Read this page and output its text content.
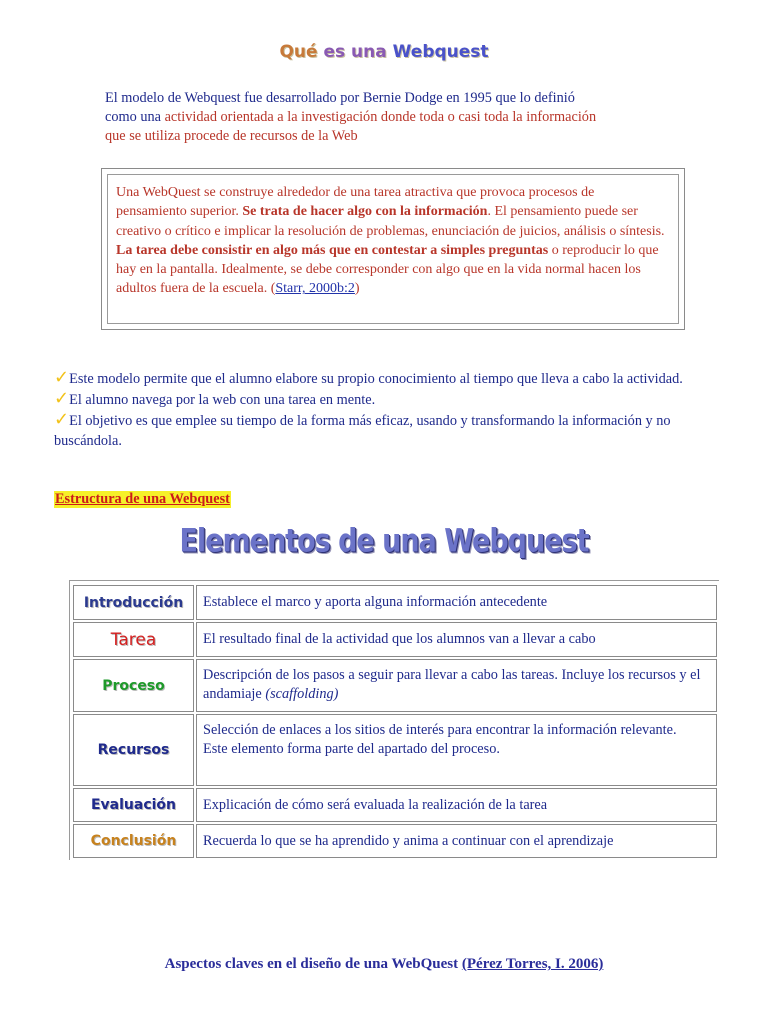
Qué es una Webquest
El modelo de Webquest fue desarrollado por Bernie Dodge en 1995 que lo definió
como una actividad orientada a la investigación donde toda o casi toda la información
que se utiliza procede de recursos de la Web
Una WebQuest se construye alrededor de una tarea atractiva que provoca procesos de pensamiento superior. Se trata de hacer algo con la información. El pensamiento puede ser creativo o crítico e implicar la resolución de problemas, enunciación de juicios, análisis o síntesis. La tarea debe consistir en algo más que en contestar a simples preguntas o reproducir lo que hay en la pantalla. Idealmente, se debe corresponder con algo que en la vida normal hacen los adultos fuera de la escuela. (Starr, 2000b:2)
✓Este modelo permite que el alumno elabore su propio conocimiento al tiempo que lleva a cabo la actividad.
✓El alumno navega por la web con una tarea en mente.
✓El objetivo es que emplee su tiempo de la forma más eficaz, usando y transformando la información y no buscándola.
Estructura de una Webquest
Elementos de una Webquest
Introducción Establece el marco y aporta alguna información antecedente
Tarea	El resultado final de la actividad que los alumnos van a llevar a cabo
Proceso
Descripción de los pasos a seguir para llevar a cabo las tareas. Incluye los recursos y el andamiaje (scaffolding)
Recursos
Selección de enlaces a los sitios de interés para encontrar la información relevante.
Este elemento forma parte del apartado del proceso.
Evaluación Explicación de cómo será evaluada la realización de la tarea
Conclusión Recuerda lo que se ha aprendido y anima a continuar con el aprendizaje
Aspectos claves en el diseño de una WebQuest (Pérez Torres, I. 2006)
